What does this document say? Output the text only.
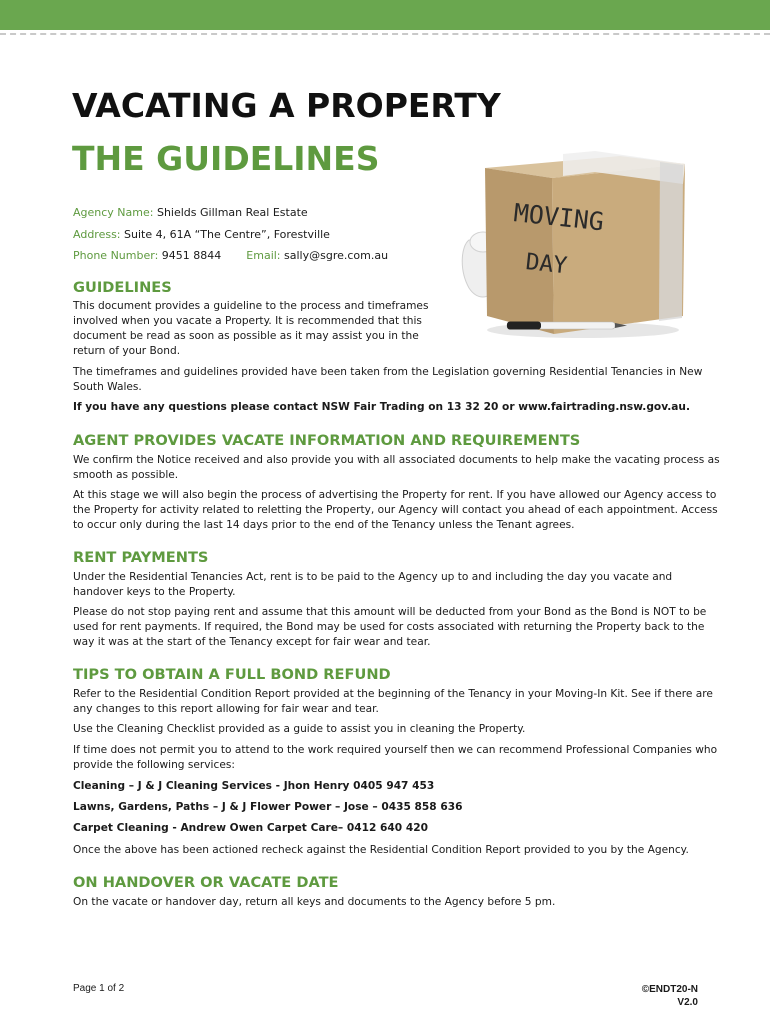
VACATING A PROPERTY
THE GUIDELINES
Agency Name: Shields Gillman Real Estate
Address: Suite 4, 61A “The Centre”, Forestville
Phone Number: 9451 8844 Email: sally@sgre.com.au
MOVING
DAY
GUIDELINES

This document provides a guideline to the process and timeframes involved when you vacate a Property. It is recommended that this document be read as soon as possible as it may assist you in the return of your Bond.

The timeframes and guidelines provided have been taken from the Legislation governing Residential Tenancies in New South Wales.

If you have any questions please contact NSW Fair Trading on 13 32 20 or www.fairtrading.nsw.gov.au.

AGENT PROVIDES VACATE INFORMATION AND REQUIREMENTS

We confirm the Notice received and also provide you with all associated documents to help make the vacating process as smooth as possible.

At this stage we will also begin the process of advertising the Property for rent. If you have allowed our Agency access to the Property for activity related to reletting the Property, our Agency will contact you ahead of each appointment. Access to occur only during the last 14 days prior to the end of the Tenancy unless the Tenant agrees.

RENT PAYMENTS

Under the Residential Tenancies Act, rent is to be paid to the Agency up to and including the day you vacate and handover keys to the Property.

Please do not stop paying rent and assume that this amount will be deducted from your Bond as the Bond is NOT to be used for rent payments. If required, the Bond may be used for costs associated with returning the Property back to the way it was at the start of the Tenancy except for fair wear and tear.

TIPS TO OBTAIN A FULL BOND REFUND

Refer to the Residential Condition Report provided at the beginning of the Tenancy in your Moving-In Kit. See if there are any changes to this report allowing for fair wear and tear.

Use the Cleaning Checklist provided as a guide to assist you in cleaning the Property.

If time does not permit you to attend to the work required yourself then we can recommend Professional Companies who provide the following services:

Cleaning – J & J Cleaning Services - Jhon Henry 0405 947 453

Lawns, Gardens, Paths – J & J Flower Power – Jose – 0435 858 636

Carpet Cleaning - Andrew Owen Carpet Care– 0412 640 420

Once the above has been actioned recheck against the Residential Condition Report provided to you by the Agency.

ON HANDOVER OR VACATE DATE

On the vacate or handover day, return all keys and documents to the Agency before 5 pm.

Page 1 of 2	©ENDT20-N
V2.0
